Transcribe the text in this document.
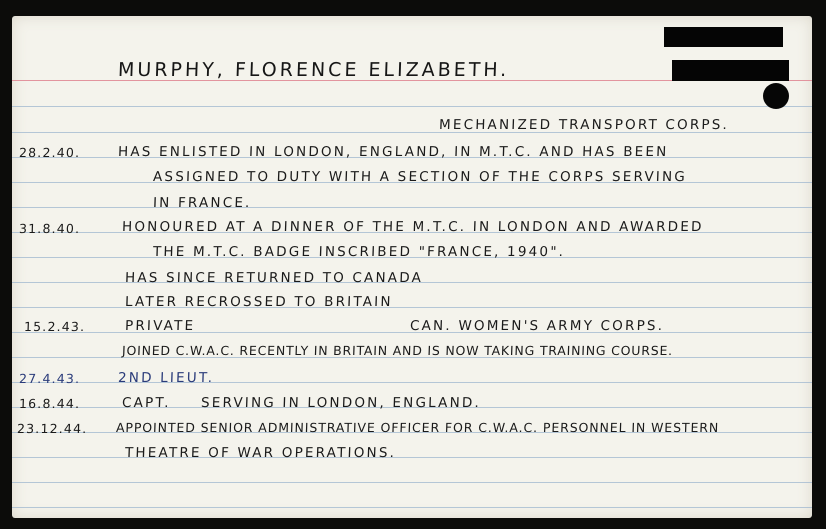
MURPHY, FLORENCE ELIZABETH.
MECHANIZED TRANSPORT CORPS.
28.2.40.	HAS ENLISTED IN LONDON, ENGLAND, IN M.T.C. AND HAS BEEN
ASSIGNED TO DUTY WITH A SECTION OF THE CORPS SERVING
IN FRANCE.
31.8.40.	HONOURED AT A DINNER OF THE M.T.C. IN LONDON AND AWARDED
THE M.T.C. BADGE INSCRIBED "FRANCE, 1940".
HAS SINCE RETURNED TO CANADA
LATER RECROSSED TO BRITAIN
15.2.43.	PRIVATE	CAN. WOMEN'S ARMY CORPS.
JOINED C.W.A.C. RECENTLY IN BRITAIN AND IS NOW TAKING TRAINING COURSE.
27.4.43.	2ND LIEUT.
16.8.44.	CAPT. SERVING IN LONDON, ENGLAND.
23.12.44. APPOINTED SENIOR ADMINISTRATIVE OFFICER FOR C.W.A.C. PERSONNEL IN WESTERN
THEATRE OF WAR OPERATIONS.
